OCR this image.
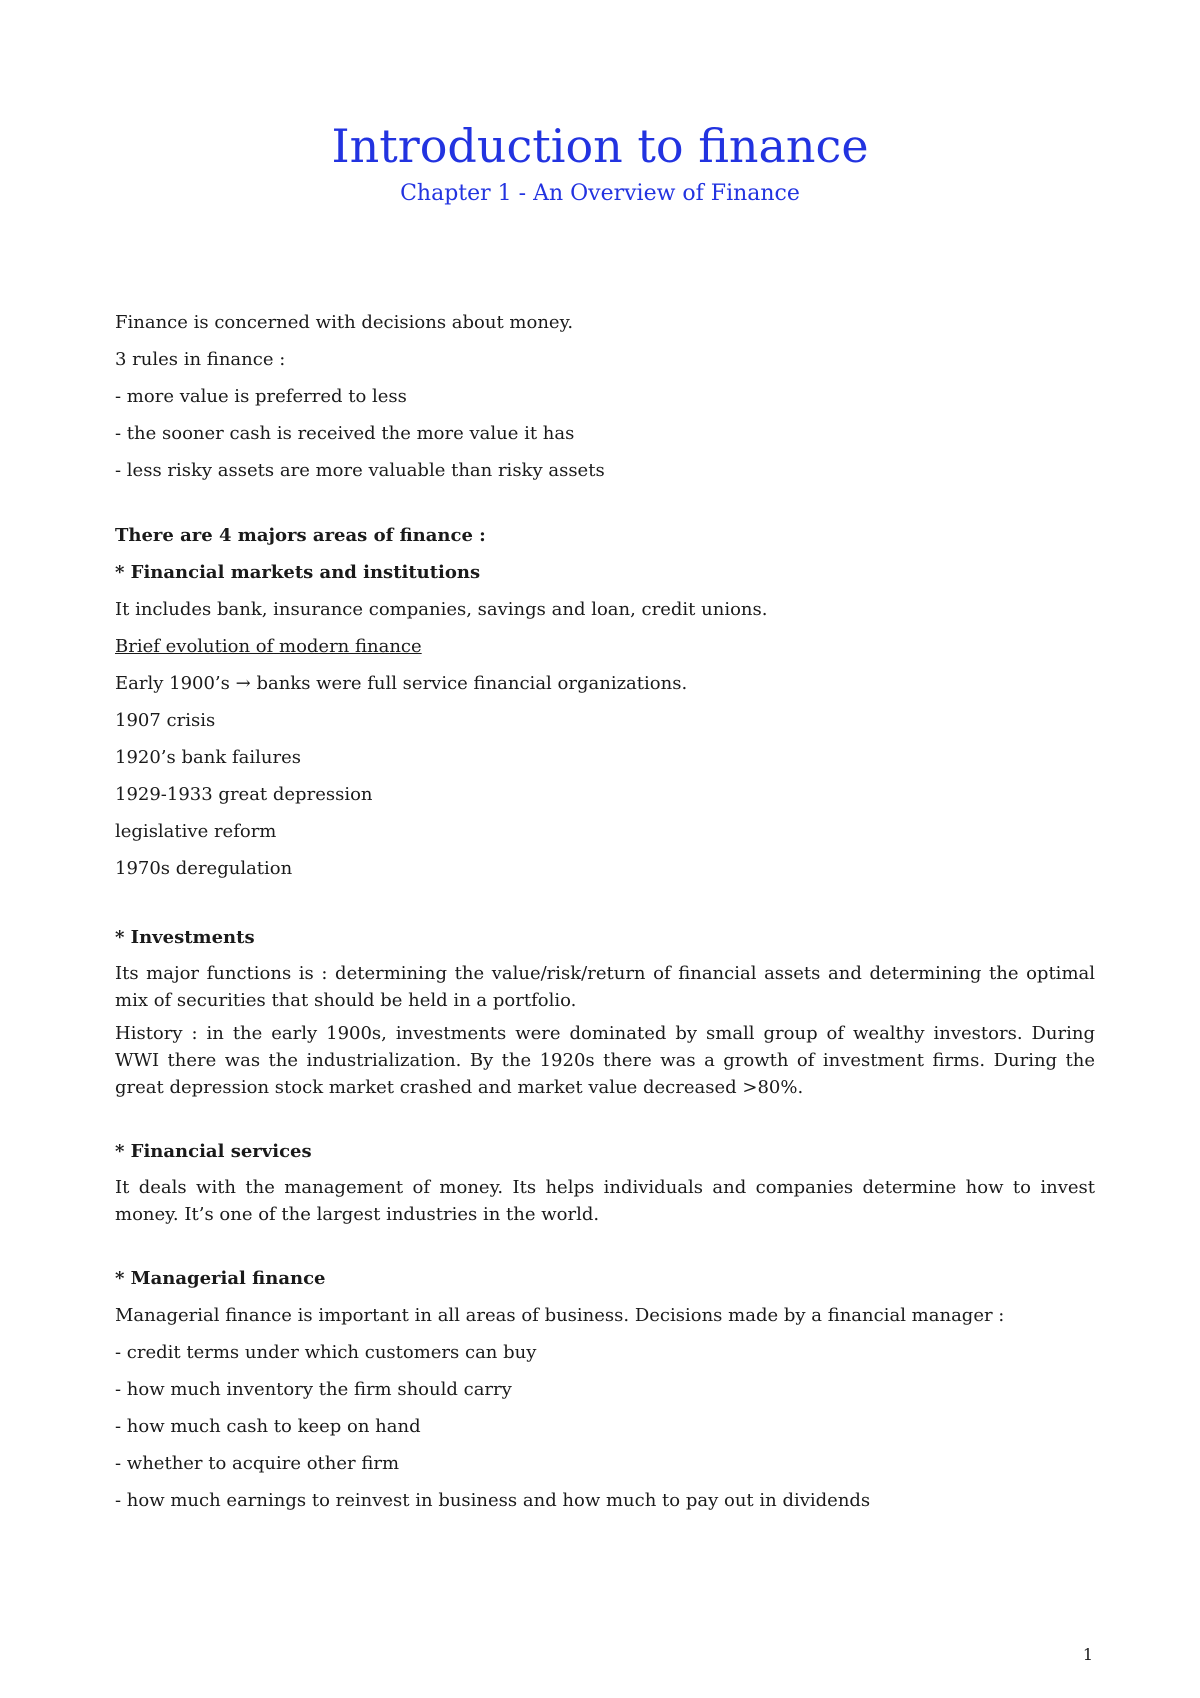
Introduction to finance
Chapter 1 - An Overview of Finance
Finance is concerned with decisions about money.
3 rules in finance :
- more value is preferred to less
- the sooner cash is received the more value it has
- less risky assets are more valuable than risky assets
There are 4 majors areas of finance :
* Financial markets and institutions
It includes bank, insurance companies, savings and loan, credit unions.
Brief evolution of modern finance
Early 1900’s → banks were full service financial organizations.
1907 crisis
1920’s bank failures
1929-1933 great depression
legislative reform
1970s deregulation
* Investments
Its major functions is : determining the value/risk/return of financial assets and determining the optimal mix of securities that should be held in a portfolio.
History : in the early 1900s, investments were dominated by small group of wealthy investors. During WWI there was the industrialization. By the 1920s there was a growth of investment firms. During the great depression stock market crashed and market value decreased >80%.
* Financial services
It deals with the management of money. Its helps individuals and companies determine how to invest money. It’s one of the largest industries in the world.
* Managerial finance
Managerial finance is important in all areas of business. Decisions made by a financial manager :
- credit terms under which customers can buy
- how much inventory the firm should carry
- how much cash to keep on hand
- whether to acquire other firm
- how much earnings to reinvest in business and how much to pay out in dividends
1
